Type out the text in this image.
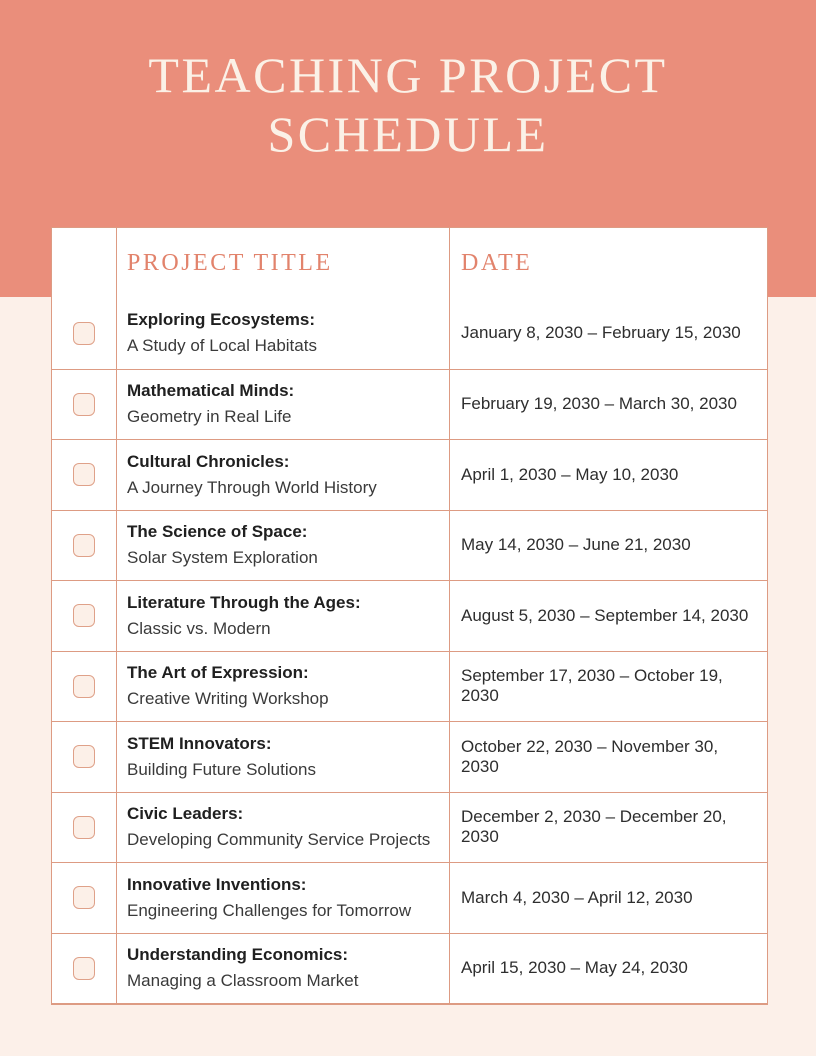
TEACHING PROJECT
SCHEDULE
PROJECT TITLE	DATE
Exploring Ecosystems:
A Study of Local Habitats
January 8, 2030 – February 15, 2030
Mathematical Minds:
Geometry in Real Life
February 19, 2030 – March 30, 2030
Cultural Chronicles:
A Journey Through World History
April 1, 2030 – May 10, 2030
The Science of Space:
Solar System Exploration
May 14, 2030 – June 21, 2030
Literature Through the Ages:
Classic vs. Modern
August 5, 2030 – September 14, 2030
The Art of Expression:
Creative Writing Workshop
September 17, 2030 – October 19, 2030
STEM Innovators:
Building Future Solutions
October 22, 2030 – November 30, 2030
Civic Leaders:
Developing Community Service Projects
December 2, 2030 – December 20, 2030
Innovative Inventions:
Engineering Challenges for Tomorrow
March 4, 2030 – April 12, 2030
Understanding Economics:
Managing a Classroom Market
April 15, 2030 – May 24, 2030
